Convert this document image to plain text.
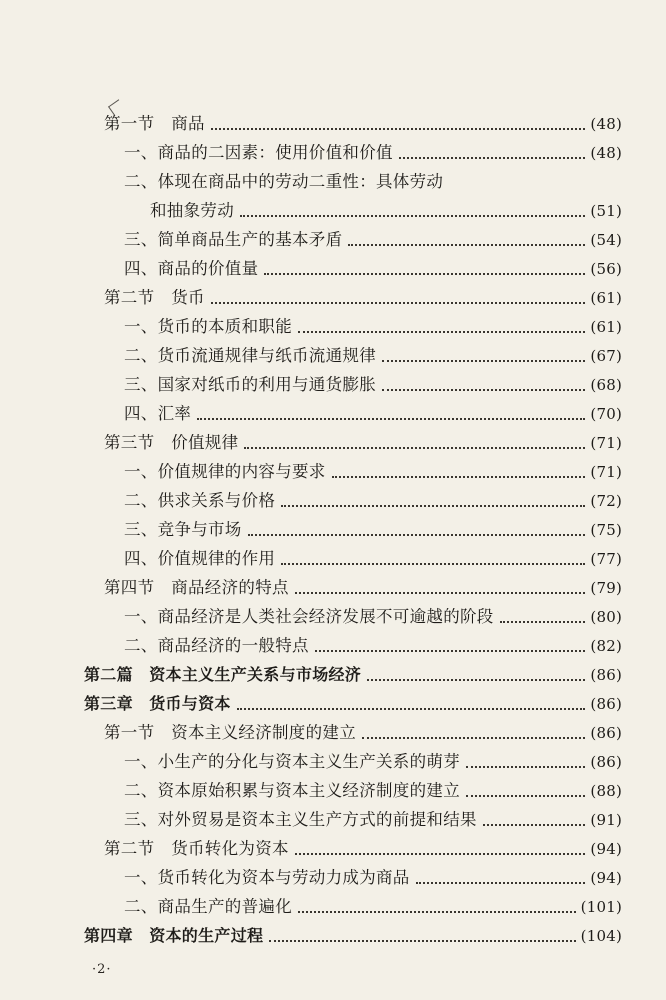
第一节　商品	(48)
一、商品的二因素：使用价值和价值	(48)
二、体现在商品中的劳动二重性：具体劳动
和抽象劳动	(51)
三、简单商品生产的基本矛盾	(54)
四、商品的价值量	(56)
第二节　货币	(61)
一、货币的本质和职能	(61)
二、货币流通规律与纸币流通规律	(67)
三、国家对纸币的利用与通货膨胀	(68)
四、汇率	(70)
第三节　价值规律	(71)
一、价值规律的内容与要求	(71)
二、供求关系与价格	(72)
三、竞争与市场	(75)
四、价值规律的作用	(77)
第四节　商品经济的特点	(79)
一、商品经济是人类社会经济发展不可逾越的阶段	(80)
二、商品经济的一般特点	(82)
第二篇　资本主义生产关系与市场经济	(86)
第三章　货币与资本	(86)
第一节　资本主义经济制度的建立	(86)
一、小生产的分化与资本主义生产关系的萌芽	(86)
二、资本原始积累与资本主义经济制度的建立	(88)
三、对外贸易是资本主义生产方式的前提和结果	(91)
第二节　货币转化为资本	(94)
一、货币转化为资本与劳动力成为商品	(94)
二、商品生产的普遍化	(101)
第四章　资本的生产过程	(104)
·2·
